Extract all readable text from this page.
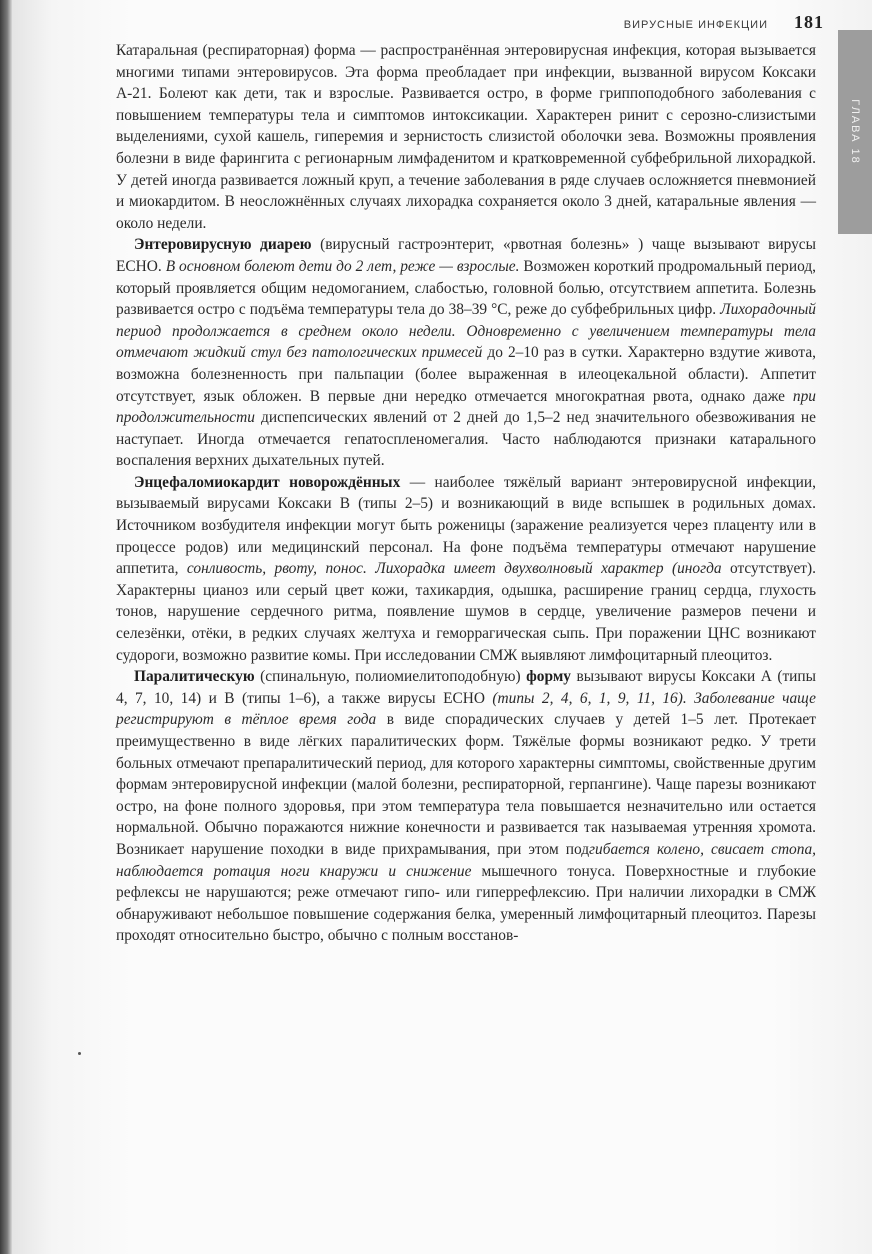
ВИРУСНЫЕ ИНФЕКЦИИ 181
ГЛАВА 18

Катаральная (респираторная) форма — распространённая энтеровирусная инфекция, которая вызывается многими типами энтеровирусов. Эта форма преобладает при инфекции, вызванной вирусом Коксаки А-21. Болеют как дети, так и взрослые. Развивается остро, в форме гриппоподобного заболевания с повышением температуры тела и симптомов интоксикации. Характерен ринит с серозно-слизистыми выделениями, сухой кашель, гиперемия и зернистость слизистой оболочки зева. Возможны проявления болезни в виде фарингита с регионарным лимфаденитом и кратковременной субфебрильной лихорадкой. У детей иногда развивается ложный круп, а течение заболевания в ряде случаев осложняется пневмонией и миокардитом. В неосложнённых случаях лихорадка сохраняется около 3 дней, катаральные явления — около недели.

Энтеровирусную диарею (вирусный гастроэнтерит, «рвотная болезнь» ) чаще вызывают вирусы ECHO. В основном болеют дети до 2 лет, реже — взрослые. Возможен короткий продромальный период, который проявляется общим недомоганием, слабостью, головной болью, отсутствием аппетита. Болезнь развивается остро с подъёма температуры тела до 38–39 °С, реже до субфебрильных цифр. Лихорадочный период продолжается в среднем около недели. Одновременно с увеличением температуры тела отмечают жидкий стул без патологических примесей до 2–10 раз в сутки. Характерно вздутие живота, возможна болезненность при пальпации (более выраженная в илеоцекальной области). Аппетит отсутствует, язык обложен. В первые дни нередко отмечается многократная рвота, однако даже при продолжительности диспепсических явлений от 2 дней до 1,5–2 нед значительного обезвоживания не наступает. Иногда отмечается гепатоспленомегалия. Часто наблюдаются признаки катарального воспаления верхних дыхательных путей.

Энцефаломиокардит новорождённых — наиболее тяжёлый вариант энтеровирусной инфекции, вызываемый вирусами Коксаки В (типы 2–5) и возникающий в виде вспышек в родильных домах. Источником возбудителя инфекции могут быть роженицы (заражение реализуется через плаценту или в процессе родов) или медицинский персонал. На фоне подъёма температуры отмечают нарушение аппетита, сонливость, рвоту, понос. Лихорадка имеет двухволновый характер (иногда отсутствует). Характерны цианоз или серый цвет кожи, тахикардия, одышка, расширение границ сердца, глухость тонов, нарушение сердечного ритма, появление шумов в сердце, увеличение размеров печени и селезёнки, отёки, в редких случаях желтуха и геморрагическая сыпь. При поражении ЦНС возникают судороги, возможно развитие комы. При исследовании СМЖ выявляют лимфоцитарный плеоцитоз.

Паралитическую (спинальную, полиомиелитоподобную) форму вызывают вирусы Коксаки А (типы 4, 7, 10, 14) и В (типы 1–6), а также вирусы ECHO (типы 2, 4, 6, 1, 9, 11, 16). Заболевание чаще регистрируют в тёплое время года в виде спорадических случаев у детей 1–5 лет. Протекает преимущественно в виде лёгких паралитических форм. Тяжёлые формы возникают редко. У трети больных отмечают препаралитический период, для которого характерны симптомы, свойственные другим формам энтеровирусной инфекции (малой болезни, респираторной, герпангине). Чаще парезы возникают остро, на фоне полного здоровья, при этом температура тела повышается незначительно или остается нормальной. Обычно поражаются нижние конечности и развивается так называемая утренняя хромота. Возникает нарушение походки в виде прихрамывания, при этом подгибается колено, свисает стопа, наблюдается ротация ноги кнаружи и снижение мышечного тонуса. Поверхностные и глубокие рефлексы не нарушаются; реже отмечают гипо- или гиперрефлексию. При наличии лихорадки в СМЖ обнаруживают небольшое повышение содержания белка, умеренный лимфоцитарный плеоцитоз. Парезы проходят относительно быстро, обычно с полным восстанов-
